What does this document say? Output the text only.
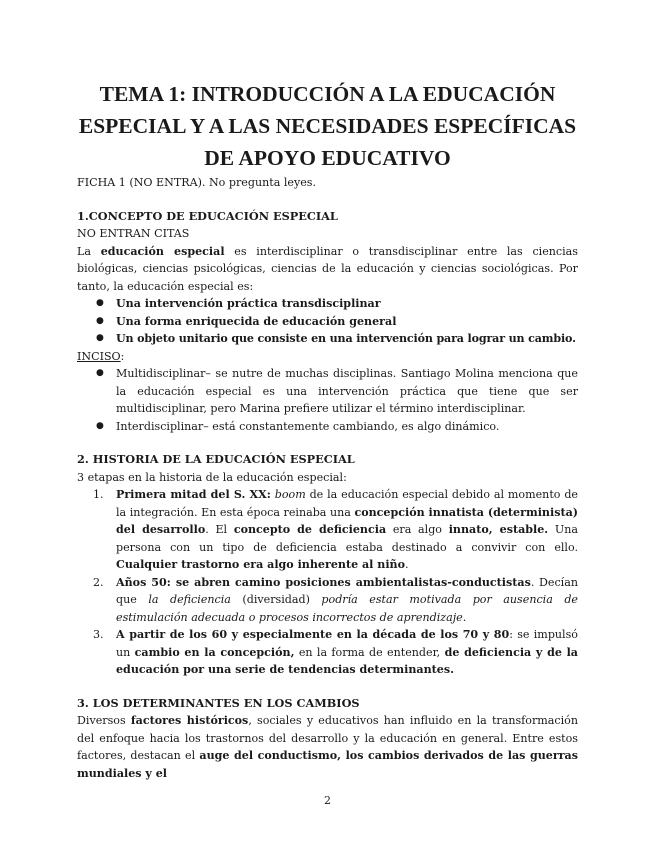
TEMA 1: INTRODUCCIÓN A LA EDUCACIÓN
ESPECIAL Y A LAS NECESIDADES ESPECÍFICAS
DE APOYO EDUCATIVO

FICHA 1 (NO ENTRA). No pregunta leyes.

1.CONCEPTO DE EDUCACIÓN ESPECIAL

NO ENTRAN CITAS

La educación especial es interdisciplinar o transdisciplinar entre las ciencias biológicas, ciencias psicológicas, ciencias de la educación y ciencias sociológicas. Por tanto, la educación especial es:

● Una intervención práctica transdisciplinar
● Una forma enriquecida de educación general
● Un objeto unitario que consiste en una intervención para lograr un cambio.

INCISO:

● Multidisciplinar– se nutre de muchas disciplinas. Santiago Molina menciona que la educación especial es una intervención práctica que tiene que ser multidisciplinar, pero Marina prefiere utilizar el término interdisciplinar.
● Interdisciplinar– está constantemente cambiando, es algo dinámico.

2. HISTORIA DE LA EDUCACIÓN ESPECIAL

3 etapas en la historia de la educación especial:

1. Primera mitad del S. XX: boom de la educación especial debido al momento de la integración. En esta época reinaba una concepción innatista (determinista) del desarrollo. El concepto de deficiencia era algo innato, estable. Una persona con un tipo de deficiencia estaba destinado a convivir con ello. Cualquier trastorno era algo inherente al niño.
2. Años 50: se abren camino posiciones ambientalistas-conductistas. Decían que la deficiencia (diversidad) podría estar motivada por ausencia de estimulación adecuada o procesos incorrectos de aprendizaje.
3. A partir de los 60 y especialmente en la década de los 70 y 80: se impulsó un cambio en la concepción, en la forma de entender, de deficiencia y de la educación por una serie de tendencias determinantes.

3. LOS DETERMINANTES EN LOS CAMBIOS

Diversos factores históricos, sociales y educativos han influido en la transformación del enfoque hacia los trastornos del desarrollo y la educación en general. Entre estos factores, destacan el auge del conductismo, los cambios derivados de las guerras mundiales y el

2
